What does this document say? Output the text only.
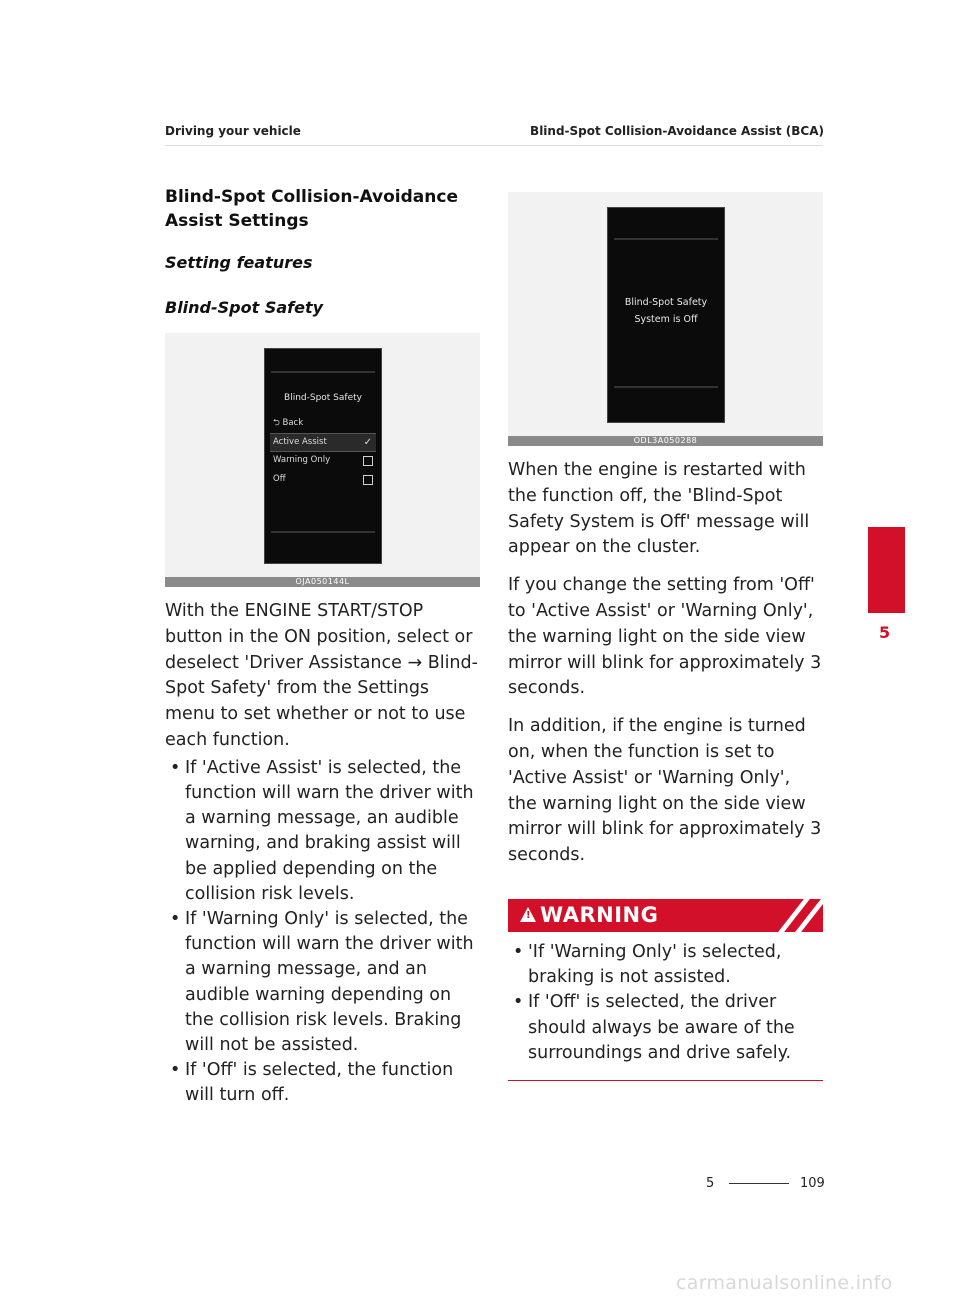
Driving your vehicle	Blind-Spot Collision-Avoidance Assist (BCA)
Blind-Spot Collision-Avoidance Assist Settings
Setting features
Blind-Spot Safety
Blind-Spot Safety
⮌ Back
Active Assist	✓
Warning Only
Off
OJA050144L

With the ENGINE START/STOP button in the ON position, select or deselect 'Driver Assistance → Blind-Spot Safety' from the Settings menu to set whether or not to use each function.

• If 'Active Assist' is selected, the function will warn the driver with a warning message, an audible warning, and braking assist will be applied depending on the collision risk levels.
• If 'Warning Only' is selected, the function will warn the driver with a warning message, and an audible warning depending on the collision risk levels. Braking will not be assisted.
• If 'Off' is selected, the function will turn off.
Blind-Spot Safety
System is Off
ODL3A050288

When the engine is restarted with the function off, the 'Blind-Spot Safety System is Off' message will appear on the cluster.

If you change the setting from 'Off' to 'Active Assist' or 'Warning Only', the warning light on the side view mirror will blink for approximately 3 seconds.

In addition, if the engine is turned on, when the function is set to 'Active Assist' or 'Warning Only', the warning light on the side view mirror will blink for approximately 3 seconds.

! WARNING
• 'If 'Warning Only' is selected, braking is not assisted.
• If 'Off' is selected, the driver should always be aware of the surroundings and drive safely.
5
5	109
carmanualsonline.info
